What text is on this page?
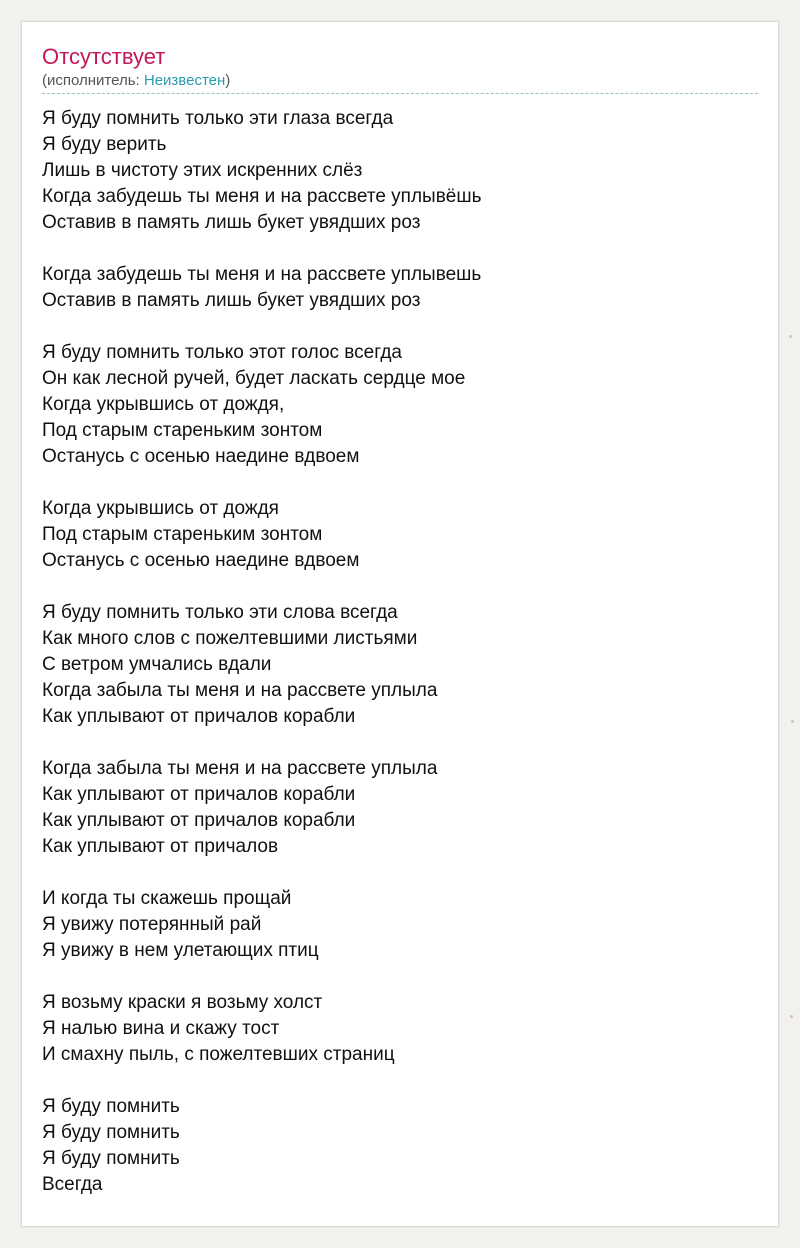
Отсутствует
(исполнитель: Неизвестен)
Я буду помнить только эти глаза всегда
Я буду верить
Лишь в чистоту этих искренних слёз
Когда забудешь ты меня и на рассвете уплывёшь
Оставив в память лишь букет увядших роз
Когда забудешь ты меня и на рассвете уплывешь
Оставив в память лишь букет увядших роз
Я буду помнить только этот голос всегда
Он как лесной ручей, будет ласкать сердце мое
Когда укрывшись от дождя,
Под старым стареньким зонтом
Останусь с осенью наедине вдвоем
Когда укрывшись от дождя
Под старым стареньким зонтом
Останусь с осенью наедине вдвоем
Я буду помнить только эти слова всегда
Как много слов с пожелтевшими листьями
С ветром умчались вдали
Когда забыла ты меня и на рассвете уплыла
Как уплывают от причалов корабли
Когда забыла ты меня и на рассвете уплыла
Как уплывают от причалов корабли
Как уплывают от причалов корабли
Как уплывают от причалов
И когда ты скажешь прощай
Я увижу потерянный рай
Я увижу в нем улетающих птиц
Я возьму краски я возьму холст
Я налью вина и скажу тост
И смахну пыль, с пожелтевших страниц
Я буду помнить
Я буду помнить
Я буду помнить
Всегда
